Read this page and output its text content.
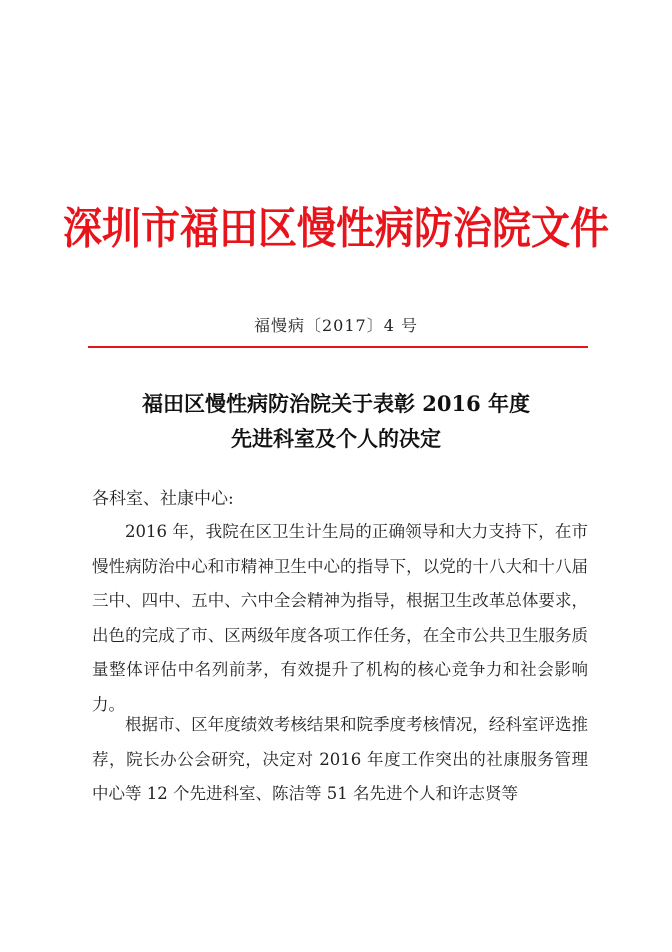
深圳市福田区慢性病防治院文件
福慢病〔2017〕4 号
福田区慢性病防治院关于表彰 2016 年度
先进科室及个人的决定
各科室、社康中心:

2016 年，我院在区卫生计生局的正确领导和大力支持下，在市慢性病防治中心和市精神卫生中心的指导下，以党的十八大和十八届三中、四中、五中、六中全会精神为指导，根据卫生改革总体要求，出色的完成了市、区两级年度各项工作任务，在全市公共卫生服务质量整体评估中名列前茅，有效提升了机构的核心竞争力和社会影响力。

根据市、区年度绩效考核结果和院季度考核情况，经科室评选推荐，院长办公会研究，决定对 2016 年度工作突出的社康服务管理中心等 12 个先进科室、陈洁等 51 名先进个人和许志贤等
